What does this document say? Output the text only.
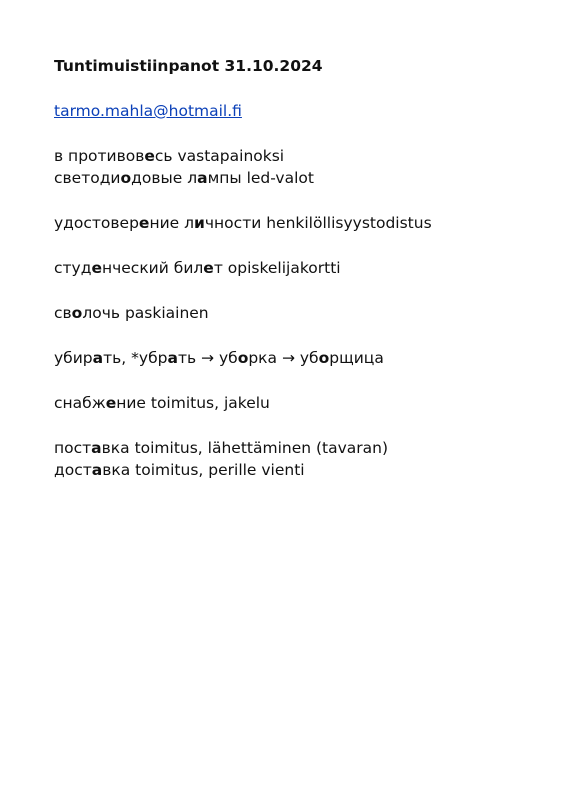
Tuntimuistiinpanot 31.10.2024
tarmo.mahla@hotmail.fi
в противовесь vastapainoksi
светодиодовые лампы led-valot
удостоверение личности henkilöllisyystodistus
студенческий билет opiskelijakortti
сволочь paskiainen
убирать, *убрать → уборка → уборщица
снабжение toimitus, jakelu
поставка toimitus, lähettäminen (tavaran)
доставка toimitus, perille vienti
